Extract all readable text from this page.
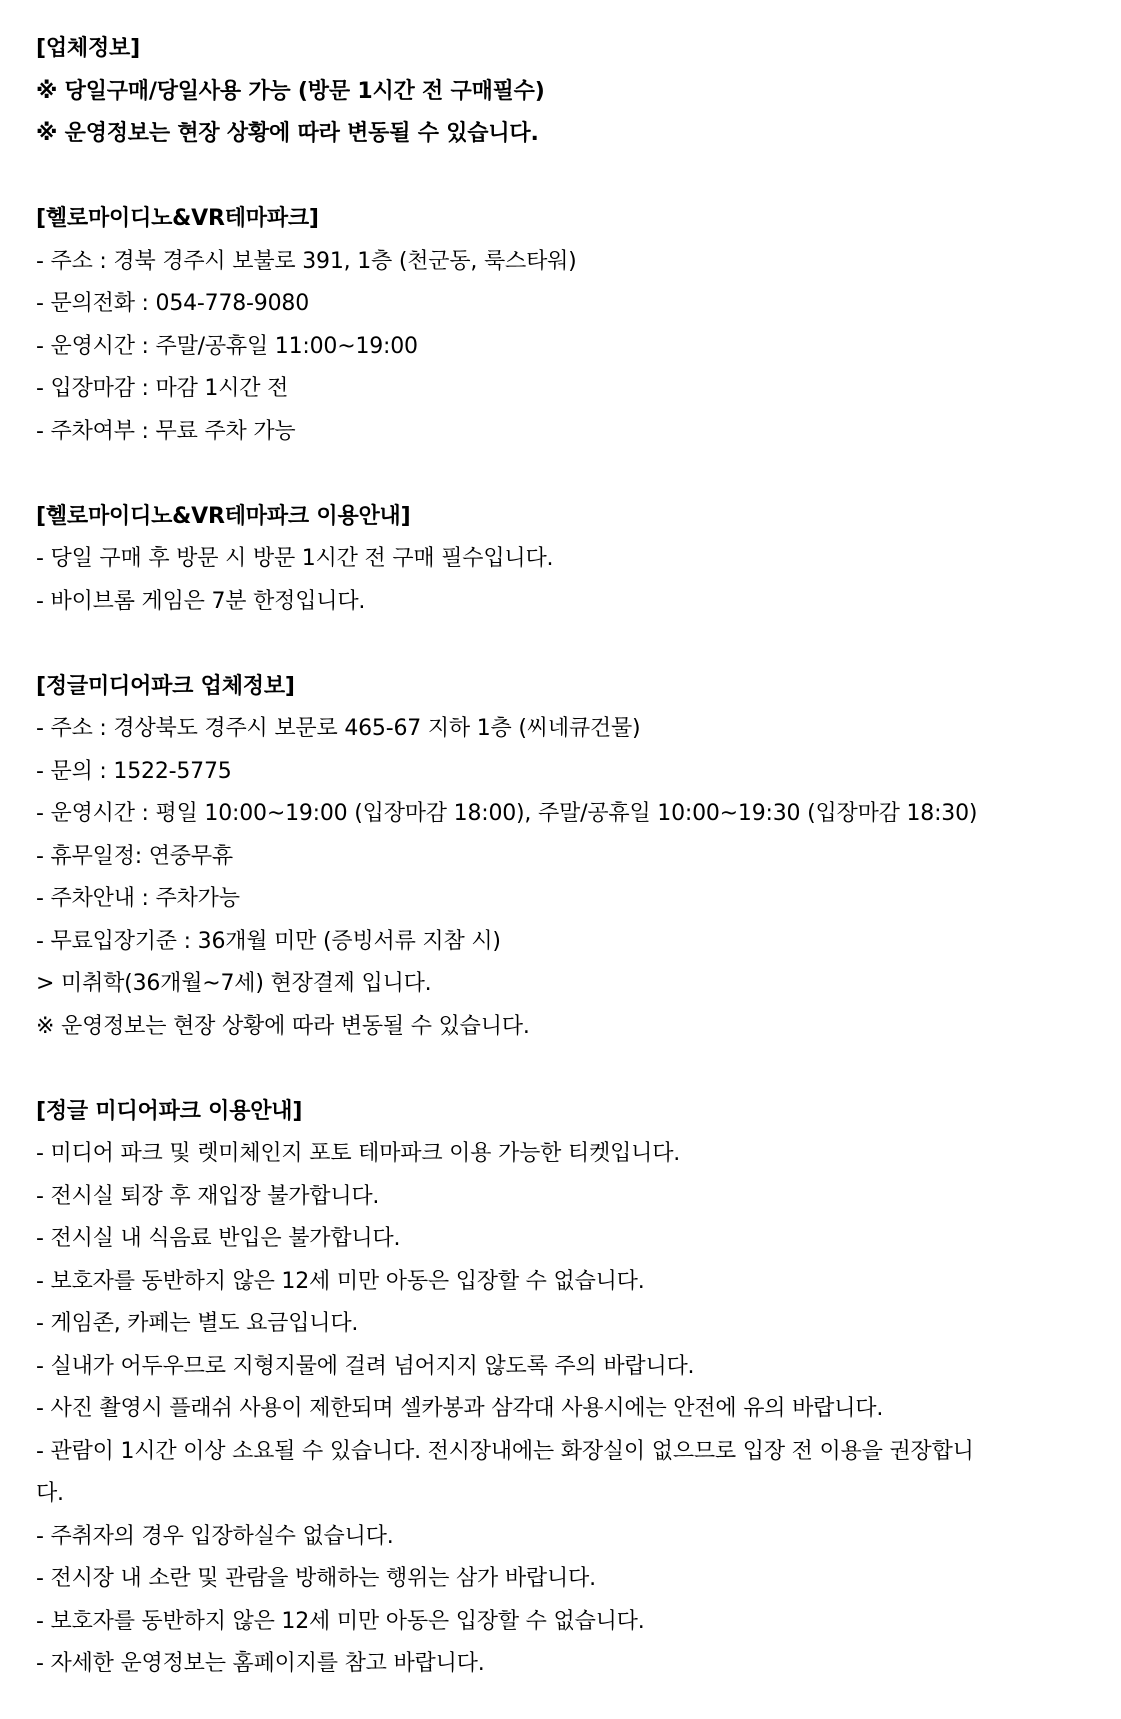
[업체정보]
※ 당일구매/당일사용 가능 (방문 1시간 전 구매필수)
※ 운영정보는 현장 상황에 따라 변동될 수 있습니다.
[헬로마이디노&VR테마파크]
- 주소 : 경북 경주시 보불로 391, 1층 (천군동, 룩스타워)
- 문의전화 : 054-778-9080
- 운영시간 : 주말/공휴일 11:00~19:00
- 입장마감 : 마감 1시간 전
- 주차여부 : 무료 주차 가능
[헬로마이디노&VR테마파크 이용안내]
- 당일 구매 후 방문 시 방문 1시간 전 구매 필수입니다.
- 바이브롬 게임은 7분 한정입니다.
[정글미디어파크 업체정보]
- 주소 : 경상북도 경주시 보문로 465-67 지하 1층 (씨네큐건물)
- 문의 : 1522-5775
- 운영시간 : 평일 10:00~19:00 (입장마감 18:00), 주말/공휴일 10:00~19:30 (입장마감 18:30)
- 휴무일정: 연중무휴
- 주차안내 : 주차가능
- 무료입장기준 : 36개월 미만 (증빙서류 지참 시)
> 미취학(36개월~7세) 현장결제 입니다.
※ 운영정보는 현장 상황에 따라 변동될 수 있습니다.
[정글 미디어파크 이용안내]
- 미디어 파크 및 렛미체인지 포토 테마파크 이용 가능한 티켓입니다.
- 전시실 퇴장 후 재입장 불가합니다.
- 전시실 내 식음료 반입은 불가합니다.
- 보호자를 동반하지 않은 12세 미만 아동은 입장할 수 없습니다.
- 게임존, 카페는 별도 요금입니다.
- 실내가 어두우므로 지형지물에 걸려 넘어지지 않도록 주의 바랍니다.
- 사진 촬영시 플래쉬 사용이 제한되며 셀카봉과 삼각대 사용시에는 안전에 유의 바랍니다.
- 관람이 1시간 이상 소요될 수 있습니다. 전시장내에는 화장실이 없으므로 입장 전 이용을 권장합니
다.
- 주취자의 경우 입장하실수 없습니다.
- 전시장 내 소란 및 관람을 방해하는 행위는 삼가 바랍니다.
- 보호자를 동반하지 않은 12세 미만 아동은 입장할 수 없습니다.
- 자세한 운영정보는 홈페이지를 참고 바랍니다.
